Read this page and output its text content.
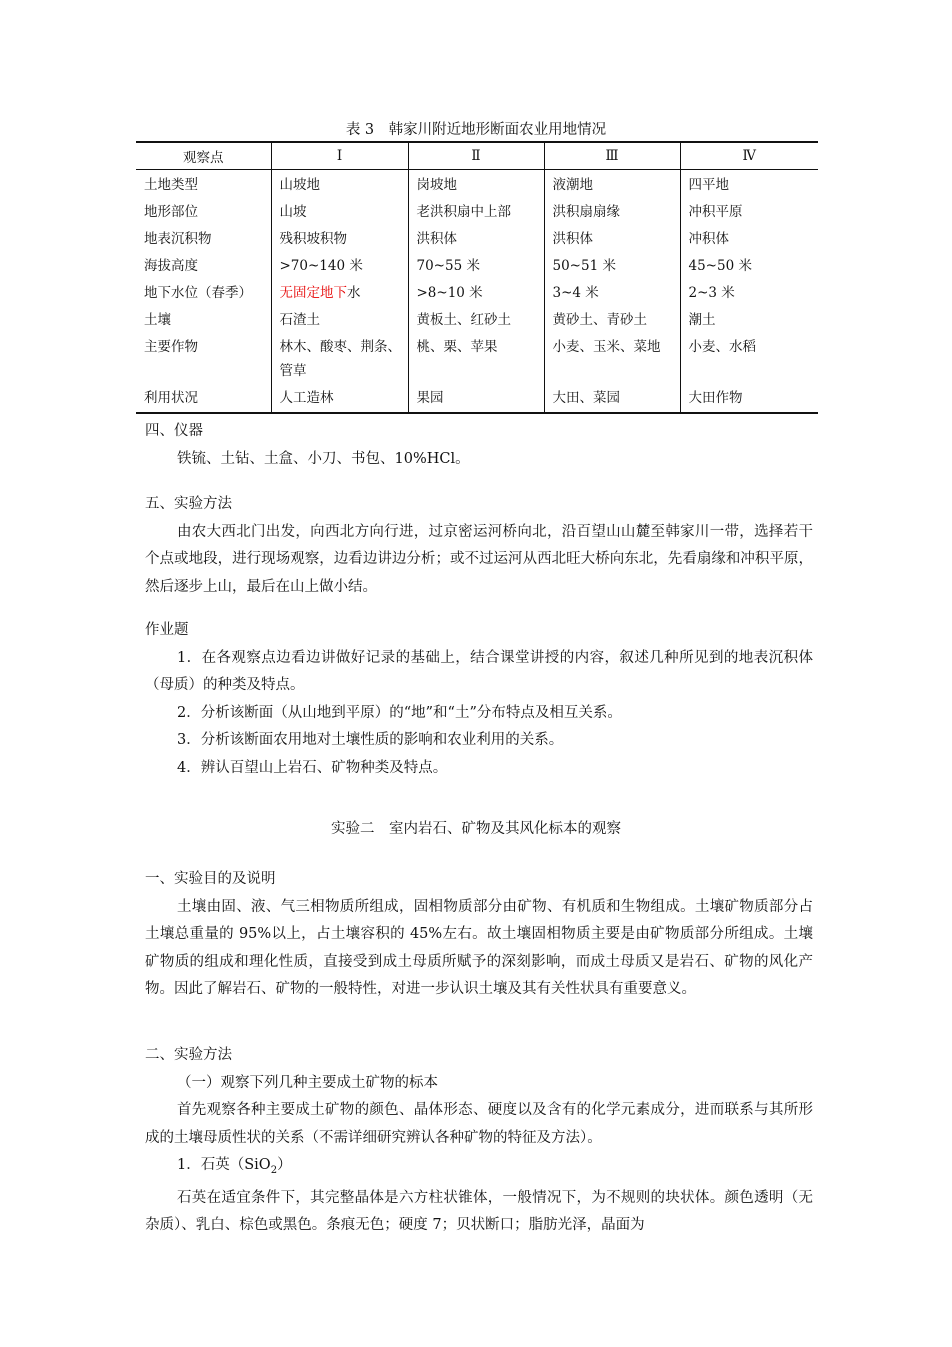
表 3　韩家川附近地形断面农业用地情况
观察点	Ⅰ	Ⅱ	Ⅲ	Ⅳ
土地类型	山坡地	岗坡地	液潮地	四平地
地形部位	山坡	老洪积扇中上部	洪积扇扇缘	冲积平原
地表沉积物	残积坡积物	洪积体	洪积体	冲积体
海拔高度	>70~140 米	70~55 米	50~51 米	45~50 米
地下水位（春季）	无固定地下水	>8~10 米	3~4 米	2~3 米
土壤	石渣土	黄板土、红砂土	黄砂土、青砂土	潮土
主要作物	林木、酸枣、荆条、管草	桃、栗、苹果	小麦、玉米、菜地	小麦、水稻
利用状况	人工造林	果园	大田、菜园	大田作物

四、仪器

铁锍、土钻、土盒、小刀、书包、10%HCl。

五、实验方法

由农大西北门出发，向西北方向行进，过京密运河桥向北，沿百望山山麓至韩家川一带，选择若干个点或地段，进行现场观察，边看边讲边分析；或不过运河从西北旺大桥向东北，先看扇缘和冲积平原，然后逐步上山，最后在山上做小结。

作业题

1．在各观察点边看边讲做好记录的基础上，结合课堂讲授的内容，叙述几种所见到的地表沉积体（母质）的种类及特点。

2．分析该断面（从山地到平原）的“地”和“土”分布特点及相互关系。

3．分析该断面农用地对土壤性质的影响和农业利用的关系。

4．辨认百望山上岩石、矿物种类及特点。

实验二　室内岩石、矿物及其风化标本的观察

一、实验目的及说明

土壤由固、液、气三相物质所组成，固相物质部分由矿物、有机质和生物组成。土壤矿物质部分占土壤总重量的 95%以上，占土壤容积的 45%左右。故土壤固相物质主要是由矿物质部分所组成。土壤矿物质的组成和理化性质，直接受到成土母质所赋予的深刻影响，而成土母质又是岩石、矿物的风化产物。因此了解岩石、矿物的一般特性，对进一步认识土壤及其有关性状具有重要意义。

二、实验方法

（一）观察下列几种主要成土矿物的标本

首先观察各种主要成土矿物的颜色、晶体形态、硬度以及含有的化学元素成分，进而联系与其所形成的土壤母质性状的关系（不需详细研究辨认各种矿物的特征及方法）。

1．石英（SiO$_2$）

石英在适宜条件下，其完整晶体是六方柱状锥体，一般情况下，为不规则的块状体。颜色透明（无杂质）、乳白、棕色或黑色。条痕无色；硬度 7；贝状断口；脂肪光泽，晶面为
